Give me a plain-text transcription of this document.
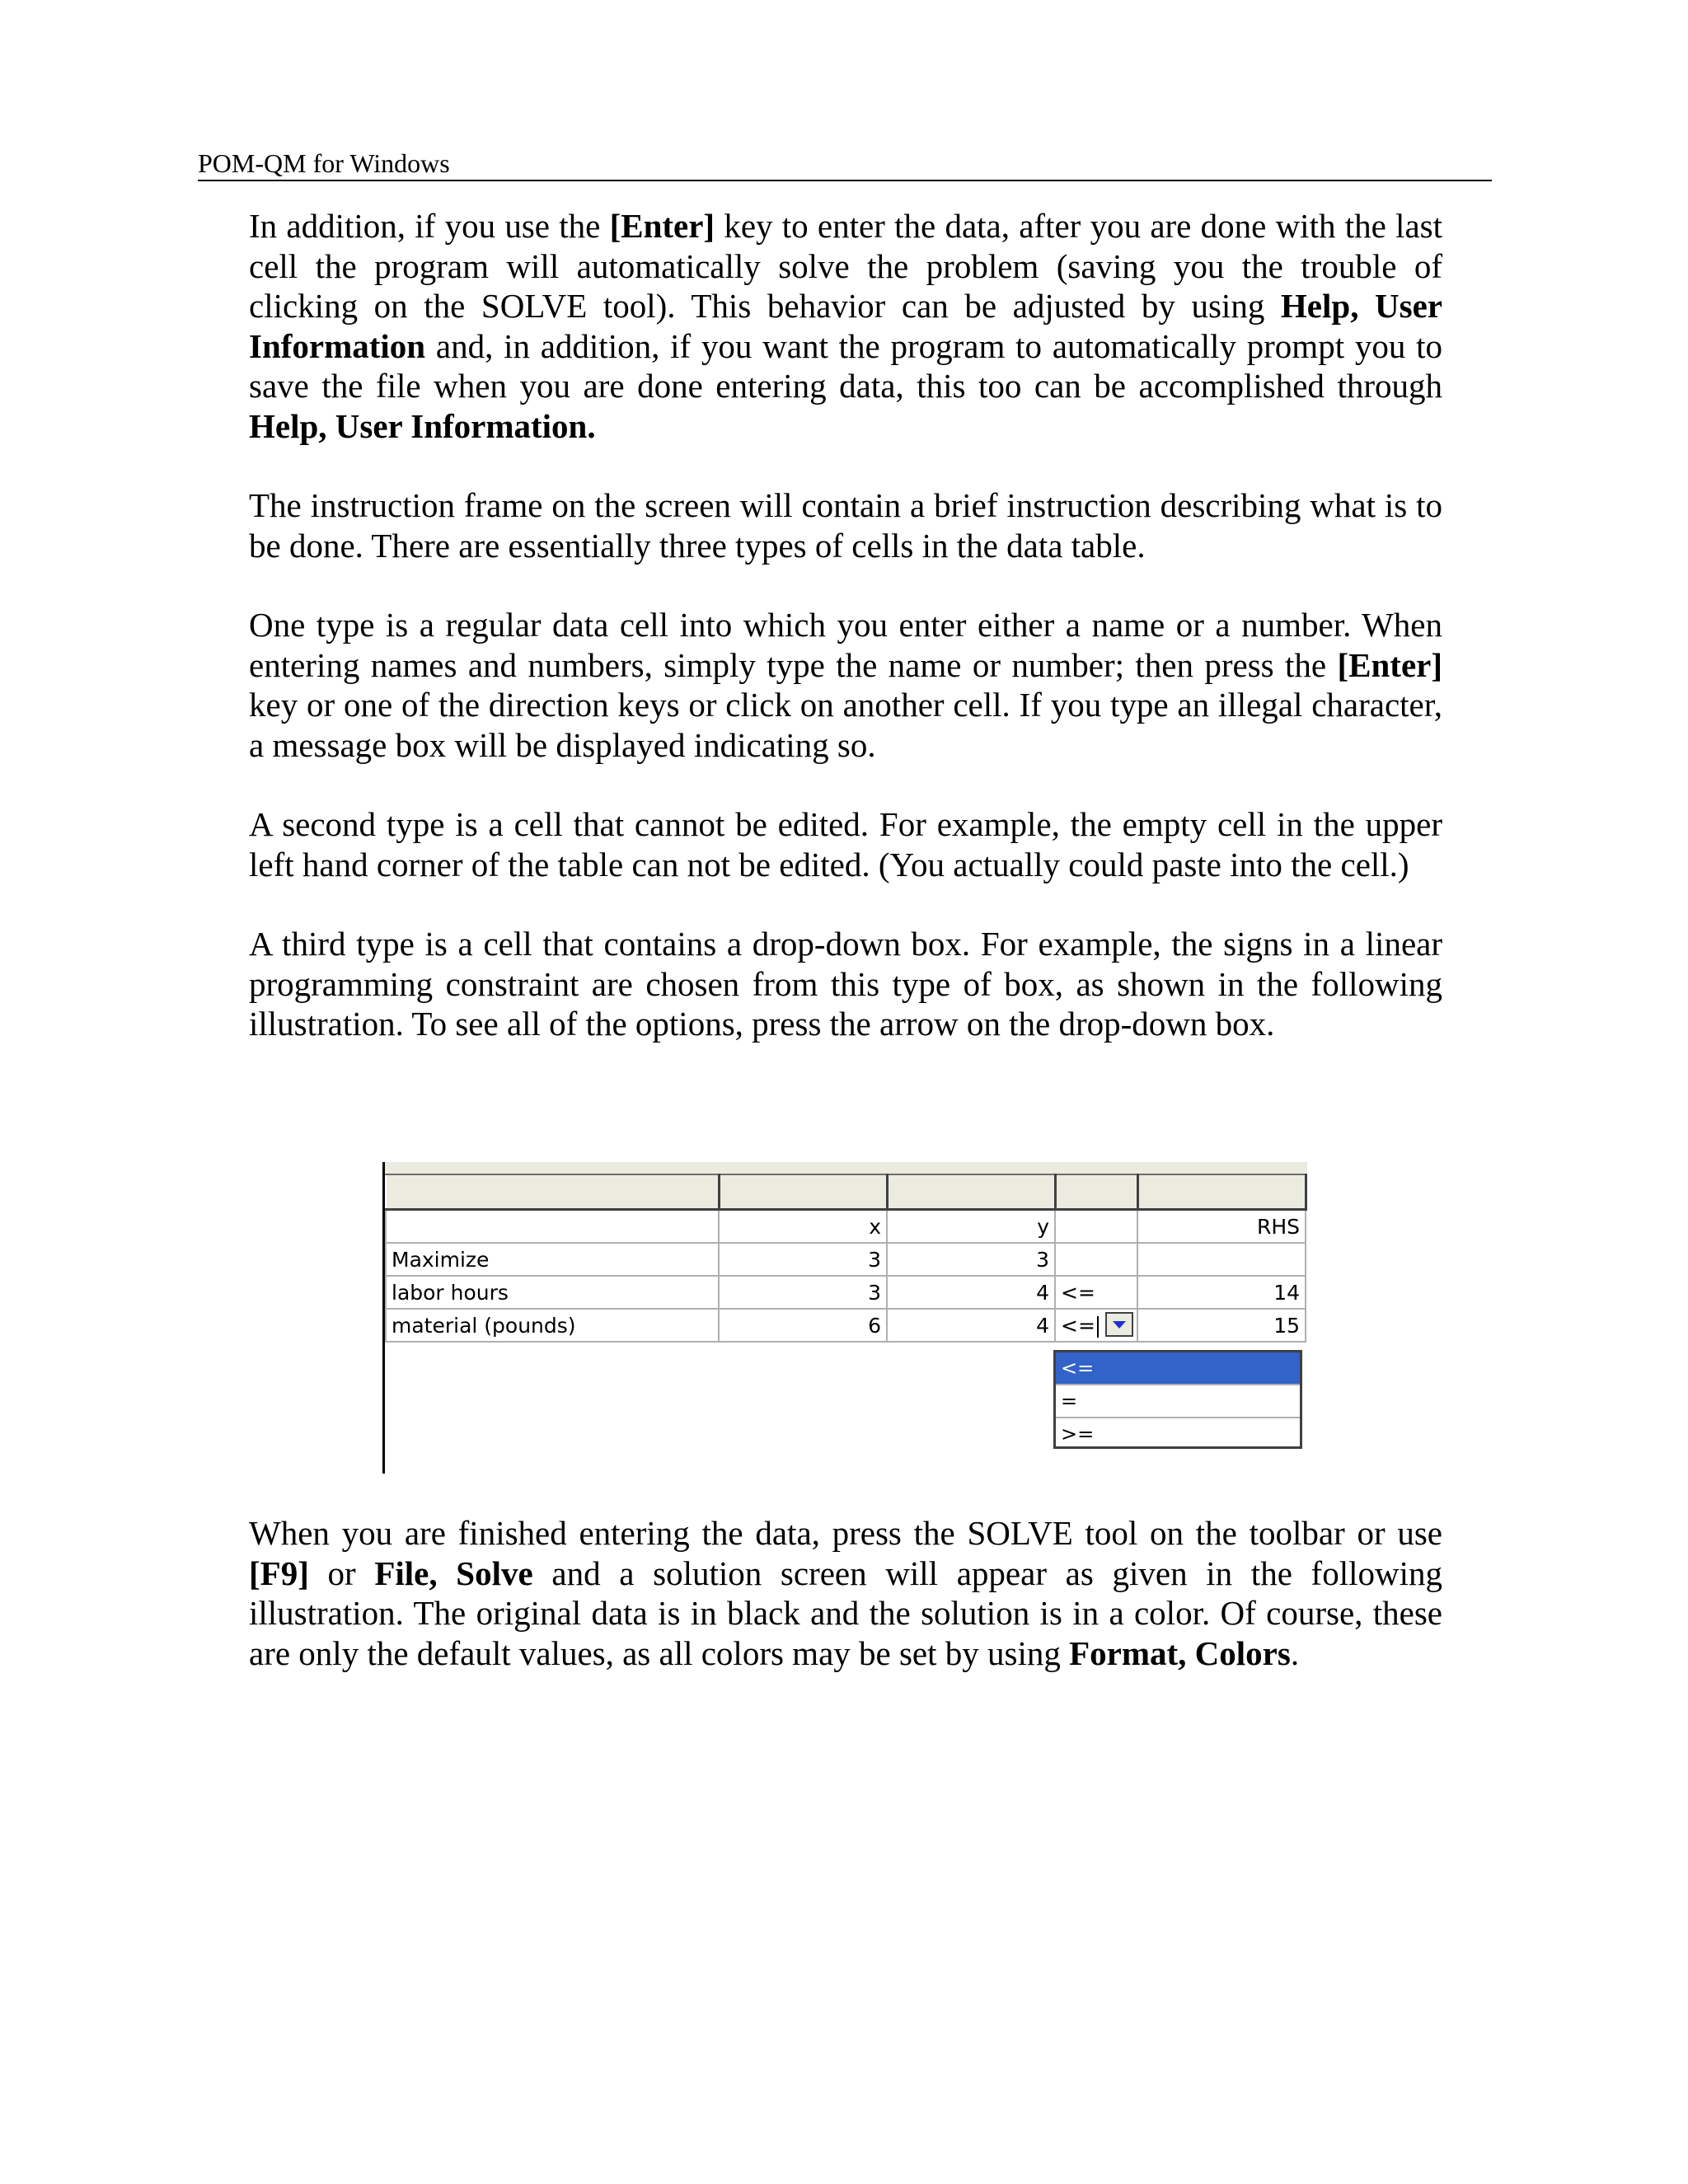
POM-QM for Windows

In addition, if you use the [Enter] key to enter the data, after you are done with the last cell the program will automatically solve the problem (saving you the trouble of clicking on the SOLVE tool). This behavior can be adjusted by using Help, User Information and, in addition, if you want the program to automatically prompt you to save the file when you are done entering data, this too can be accomplished through Help, User Information.

The instruction frame on the screen will contain a brief instruction describing what is to be done. There are essentially three types of cells in the data table.

One type is a regular data cell into which you enter either a name or a number. When entering names and numbers, simply type the name or number; then press the [Enter] key or one of the direction keys or click on another cell. If you type an illegal character, a message box will be displayed indicating so.

A second type is a cell that cannot be edited. For example, the empty cell in the upper left hand corner of the table can not be edited. (You actually could paste into the cell.)

A third type is a cell that contains a drop-down box. For example, the signs in a linear programming constraint are chosen from this type of box, as shown in the following illustration. To see all of the options, press the arrow on the drop-down box.

	x	y		RHS
Maximize	3	3		
labor hours	3	4	<=	14
material (pounds)	6	4	<=	15
<=
=
>=

When you are finished entering the data, press the SOLVE tool on the toolbar or use [F9] or File, Solve and a solution screen will appear as given in the following illustration. The original data is in black and the solution is in a color. Of course, these are only the default values, as all colors may be set by using Format, Colors.
